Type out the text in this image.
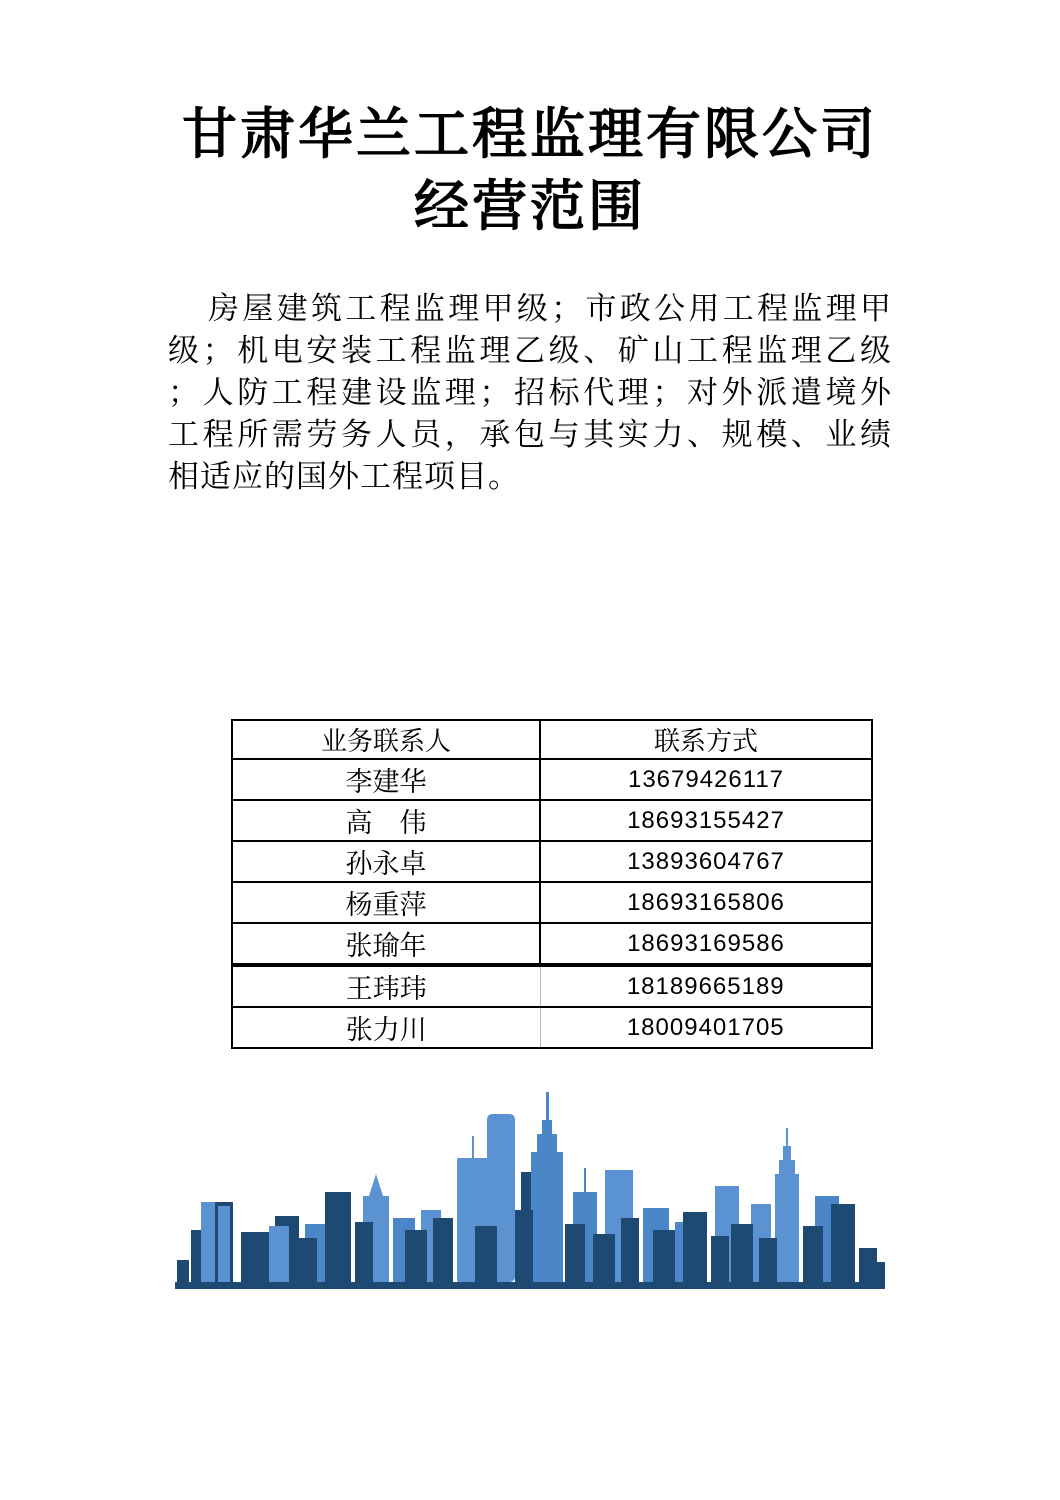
甘肃华兰工程监理有限公司
经营范围
房屋建筑工程监理甲级；市政公用工程监理甲
级；机电安装工程监理乙级、矿山工程监理乙级
；人防工程建设监理；招标代理；对外派遣境外
工程所需劳务人员，承包与其实力、规模、业绩
相适应的国外工程项目。
业务联系人	联系方式
李建华	13679426117
高　伟	18693155427
孙永卓	13893604767
杨重萍	18693165806
张瑜年	18693169586
王玮玮	18189665189
张力川	18009401705
